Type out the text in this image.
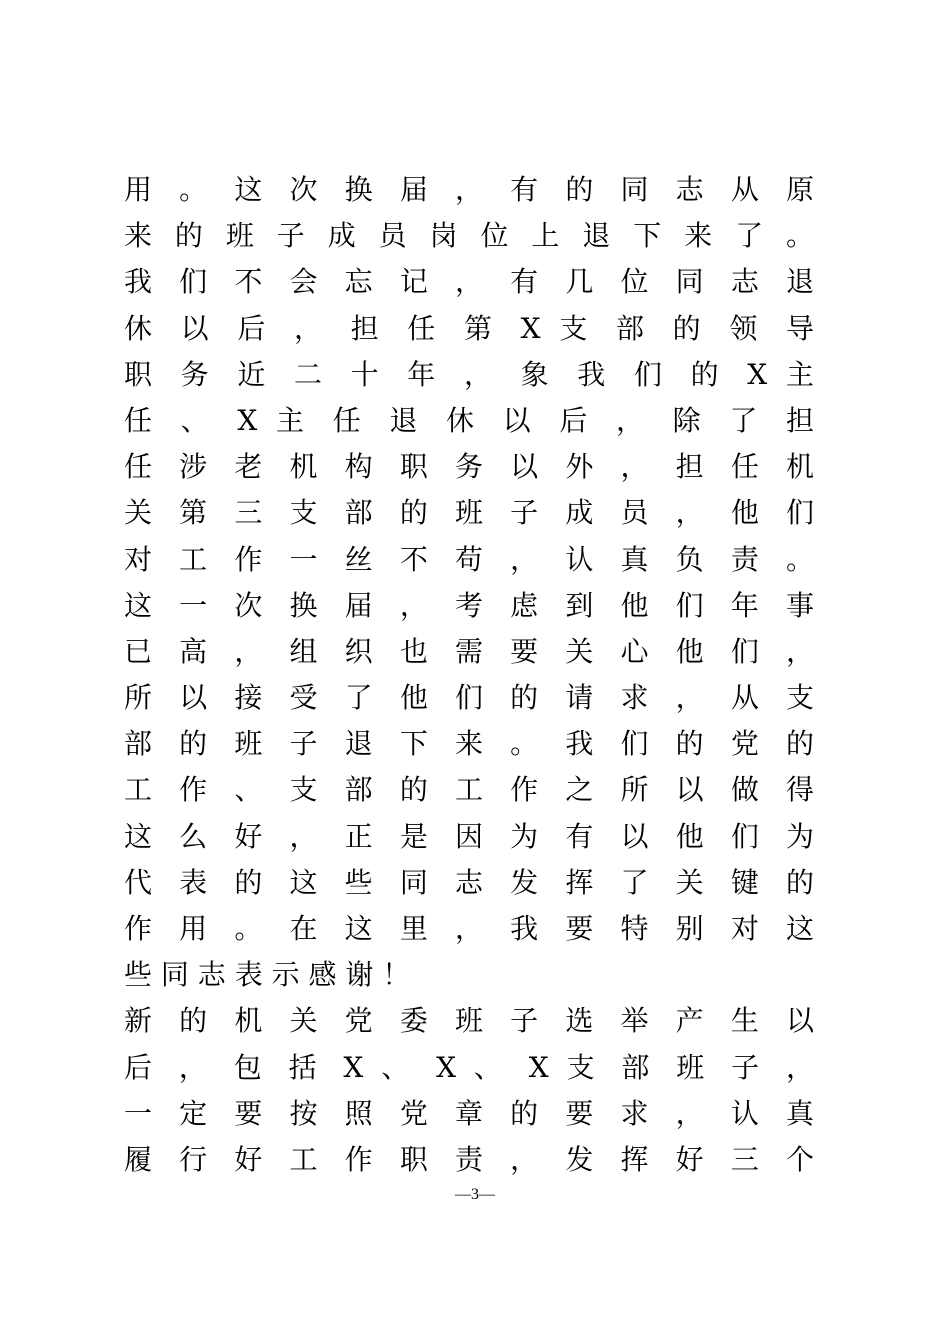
用 。 这 次 换 届 ， 有 的 同 志 从 原
来 的 班 子 成 员 岗 位 上 退 下 来 了 。
我 们 不 会 忘 记 ， 有 几 位 同 志 退
休 以 后 ， 担 任 第 X 支 部 的 领 导
职 务 近 二 十 年 ， 象 我 们 的 X 主
任 、 X 主 任 退 休 以 后 ， 除 了 担
任 涉 老 机 构 职 务 以 外 ， 担 任 机
关 第 三 支 部 的 班 子 成 员 ， 他 们
对 工 作 一 丝 不 苟 ， 认 真 负 责 。
这 一 次 换 届 ， 考 虑 到 他 们 年 事
已 高 ， 组 织 也 需 要 关 心 他 们 ，
所 以 接 受 了 他 们 的 请 求 ， 从 支
部 的 班 子 退 下 来 。 我 们 的 党 的
工 作 、 支 部 的 工 作 之 所 以 做 得
这 么 好 ， 正 是 因 为 有 以 他 们 为
代 表 的 这 些 同 志 发 挥 了 关 键 的
作 用 。 在 这 里 ， 我 要 特 别 对 这
些 同 志 表 示 感 谢 ！
新 的 机 关 党 委 班 子 选 举 产 生 以
后 ， 包 括 X 、 X 、 X 支 部 班 子 ，
一 定 要 按 照 党 章 的 要 求 ， 认 真
履 行 好 工 作 职 责 ， 发 挥 好 三 个
—3—
